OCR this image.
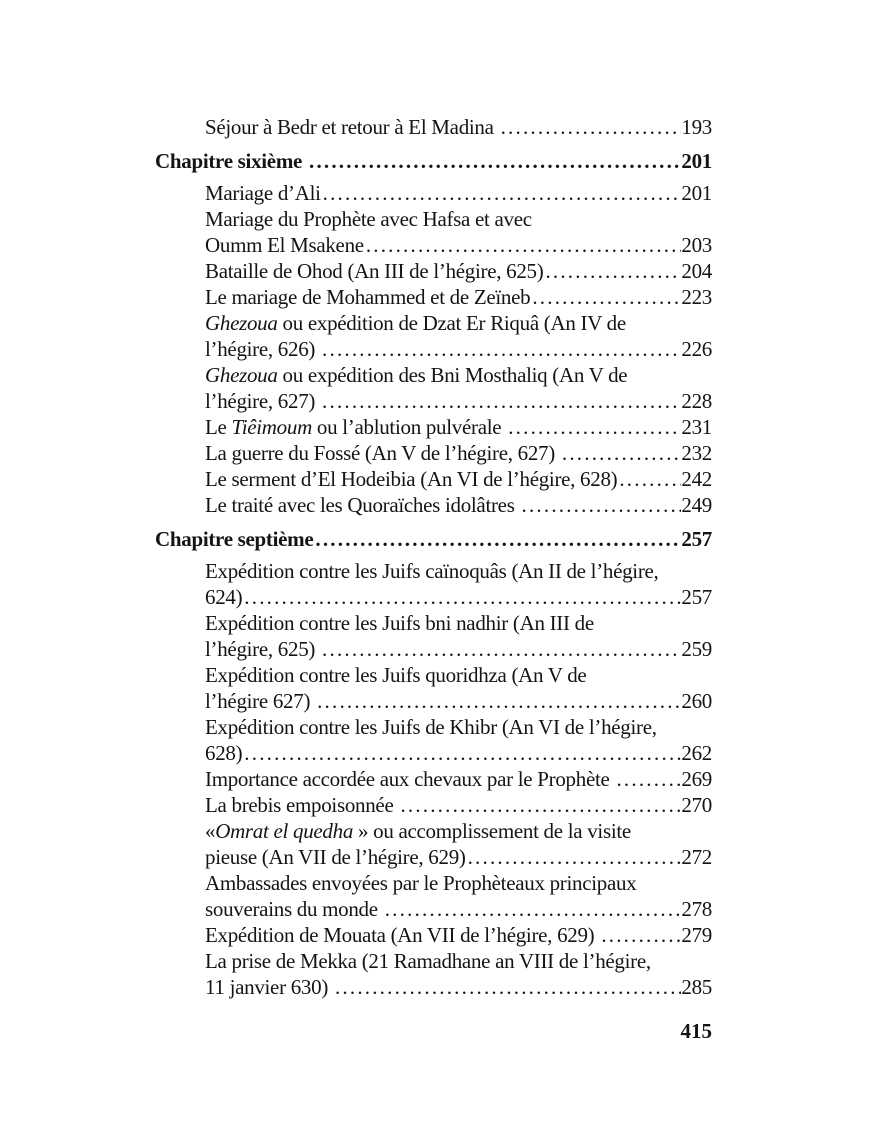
Séjour à Bedr et retour à El Madina .....	193
Chapitre sixième .....	201
Mariage d’Ali .....	201
Mariage du Prophète avec Hafsa et avec
Oumm El Msakene .....	203
Bataille de Ohod (An III de l’hégire, 625) .....	204
Le mariage de Mohammed et de Zeïneb .....	223
Ghezoua ou expédition de Dzat Er Riquâ (An IV de
l’hégire, 626) .....	226
Ghezoua ou expédition des Bni Mosthaliq (An V de
l’hégire, 627) .....	228
Le Tiêimoum ou l’ablution pulvérale .....	231
La guerre du Fossé (An V de l’hégire, 627) .....	232
Le serment d’El Hodeibia (An VI de l’hégire, 628) .....	242
Le traité avec les Quoraïches idolâtres .....	249
Chapitre septième .....	257
Expédition contre les Juifs caïnoquâs (An II de l’hégire,
624) .....	257
Expédition contre les Juifs bni nadhir (An III de
l’hégire, 625) .....	259
Expédition contre les Juifs quoridhza (An V de
l’hégire 627) .....	260
Expédition contre les Juifs de Khibr (An VI de l’hégire,
628) .....	262
Importance accordée aux chevaux par le Prophète .....	269
La brebis empoisonnée .....	270
«Omrat el quedha » ou accomplissement de la visite
pieuse (An VII de l’hégire, 629) .....	272
Ambassades envoyées par le Prophèteaux principaux
souverains du monde .....	278
Expédition de Mouata (An VII de l’hégire, 629) .....	279
La prise de Mekka (21 Ramadhane an VIII de l’hégire,
11 janvier 630) .....	285
415
